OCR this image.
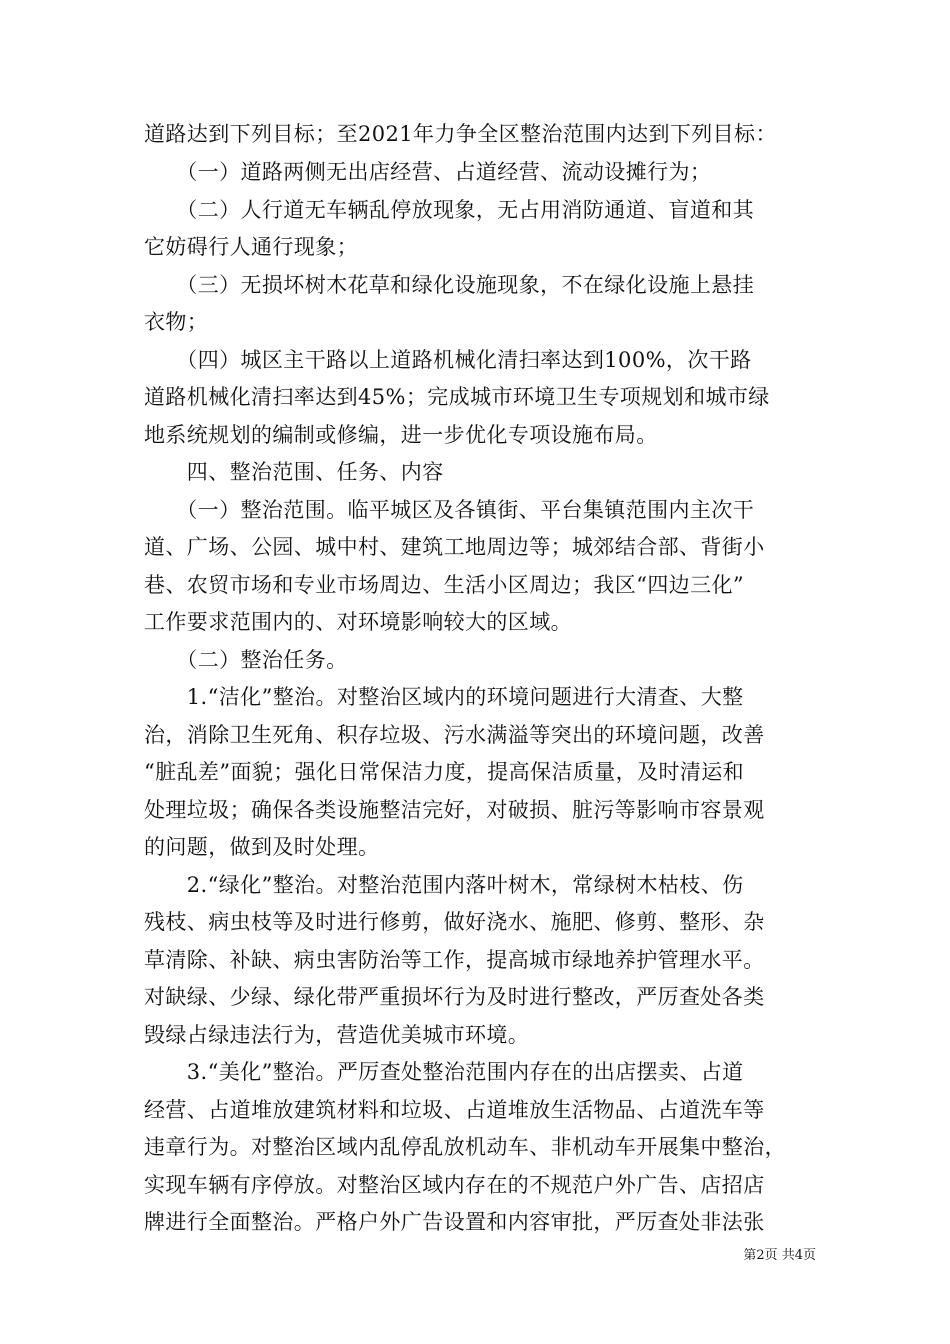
道路达到下列目标；至2021年力争全区整治范围内达到下列目标：
　　（一）道路两侧无出店经营、占道经营、流动设摊行为；
　　（二）人行道无车辆乱停放现象，无占用消防通道、盲道和其
它妨碍行人通行现象；
　　（三）无损坏树木花草和绿化设施现象，不在绿化设施上悬挂
衣物；
　　（四）城区主干路以上道路机械化清扫率达到100%，次干路
道路机械化清扫率达到45%；完成城市环境卫生专项规划和城市绿
地系统规划的编制或修编，进一步优化专项设施布局。
　　四、整治范围、任务、内容
　　（一）整治范围。临平城区及各镇街、平台集镇范围内主次干
道、广场、公园、城中村、建筑工地周边等；城郊结合部、背街小
巷、农贸市场和专业市场周边、生活小区周边；我区“四边三化”
工作要求范围内的、对环境影响较大的区域。
　　（二）整治任务。
　　1.“洁化”整治。对整治区域内的环境问题进行大清查、大整
治，消除卫生死角、积存垃圾、污水满溢等突出的环境问题，改善
“脏乱差”面貌；强化日常保洁力度，提高保洁质量，及时清运和
处理垃圾；确保各类设施整洁完好，对破损、脏污等影响市容景观
的问题，做到及时处理。
　　2.“绿化”整治。对整治范围内落叶树木，常绿树木枯枝、伤
残枝、病虫枝等及时进行修剪，做好浇水、施肥、修剪、整形、杂
草清除、补缺、病虫害防治等工作，提高城市绿地养护管理水平。
对缺绿、少绿、绿化带严重损坏行为及时进行整改，严厉查处各类
毁绿占绿违法行为，营造优美城市环境。
　　3.“美化”整治。严厉查处整治范围内存在的出店摆卖、占道
经营、占道堆放建筑材料和垃圾、占道堆放生活物品、占道洗车等
违章行为。对整治区域内乱停乱放机动车、非机动车开展集中整治，
实现车辆有序停放。对整治区域内存在的不规范户外广告、店招店
牌进行全面整治。严格户外广告设置和内容审批，严厉查处非法张
第2页 共4页
